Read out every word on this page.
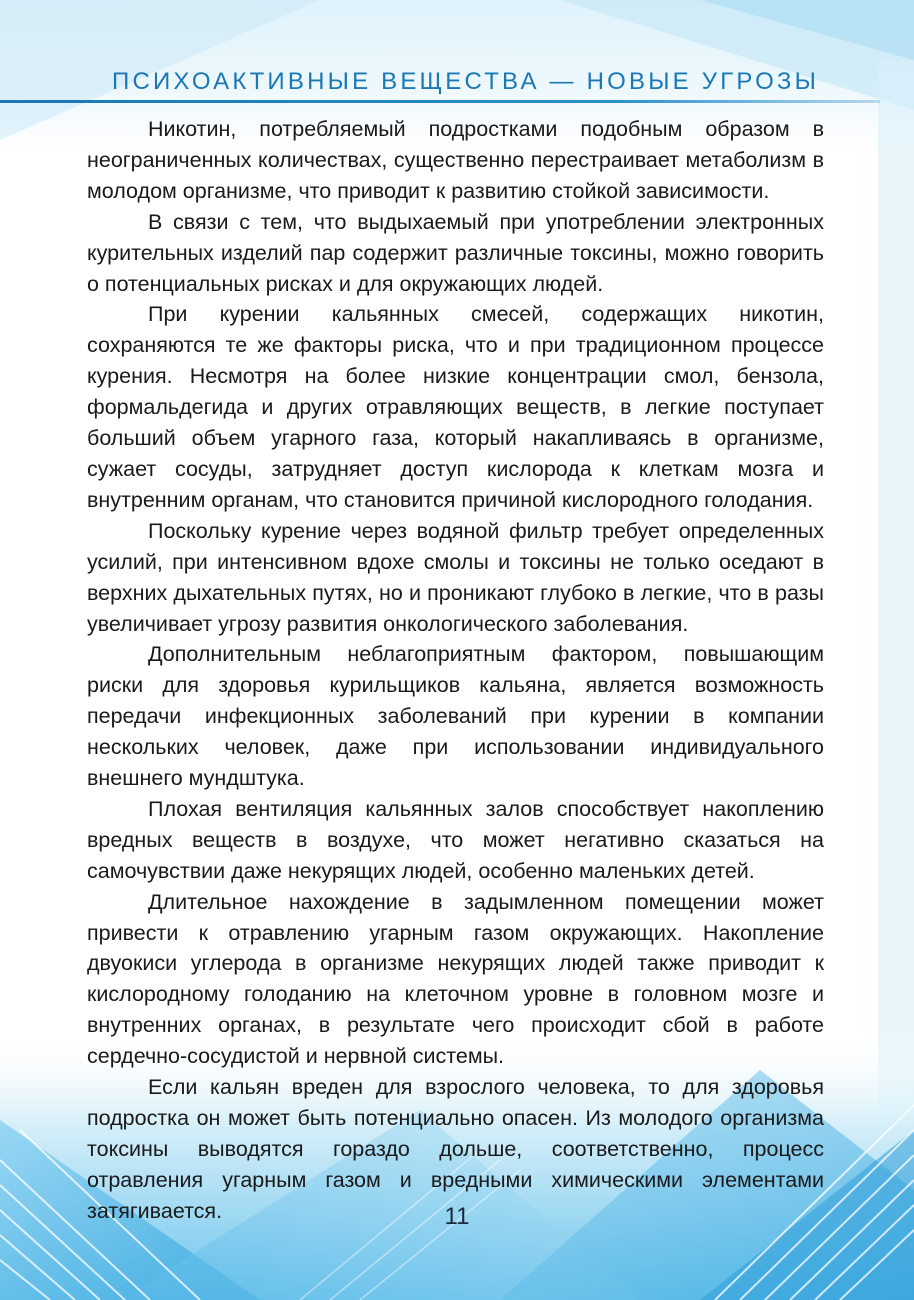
ПСИХОАКТИВНЫЕ ВЕЩЕСТВА — НОВЫЕ УГРОЗЫ

Никотин, потребляемый подростками подобным образом в неограниченных количествах, существенно перестраивает метаболизм в молодом организме, что приводит к развитию стойкой зависимости.

В связи с тем, что выдыхаемый при употреблении электронных курительных изделий пар содержит различные токсины, можно говорить о потенциальных рисках и для окружающих людей.

При курении кальянных смесей, содержащих никотин, сохраняются те же факторы риска, что и при традиционном процессе курения. Несмотря на более низкие концентрации смол, бензола, формальдегида и других отравляющих веществ, в легкие поступает больший объем угарного газа, который накапливаясь в организме, сужает сосуды, затрудняет доступ кислорода к клеткам мозга и внутренним органам, что становится причиной кислородного голодания.

Поскольку курение через водяной фильтр требует определенных усилий, при интенсивном вдохе смолы и токсины не только оседают в верхних дыхательных путях, но и проникают глубоко в легкие, что в разы увеличивает угрозу развития онкологического заболевания.

Дополнительным неблагоприятным фактором, повышающим риски для здоровья курильщиков кальяна, является возможность передачи инфекционных заболеваний при курении в компании нескольких человек, даже при использовании индивидуального внешнего мундштука.

Плохая вентиляция кальянных залов способствует накоплению вредных веществ в воздухе, что может негативно сказаться на самочувствии даже некурящих людей, особенно маленьких детей.

Длительное нахождение в задымленном помещении может привести к отравлению угарным газом окружающих. Накопление двуокиси углерода в организме некурящих людей также приводит к кислородному голоданию на клеточном уровне в головном мозге и внутренних органах, в результате чего происходит сбой в работе сердечно-сосудистой и нервной системы.

Если кальян вреден для взрослого человека, то для здоровья подростка он может быть потенциально опасен. Из молодого организма токсины выводятся гораздо дольше, соответственно, процесс отравления угарным газом и вредными химическими элементами затягивается.	11
